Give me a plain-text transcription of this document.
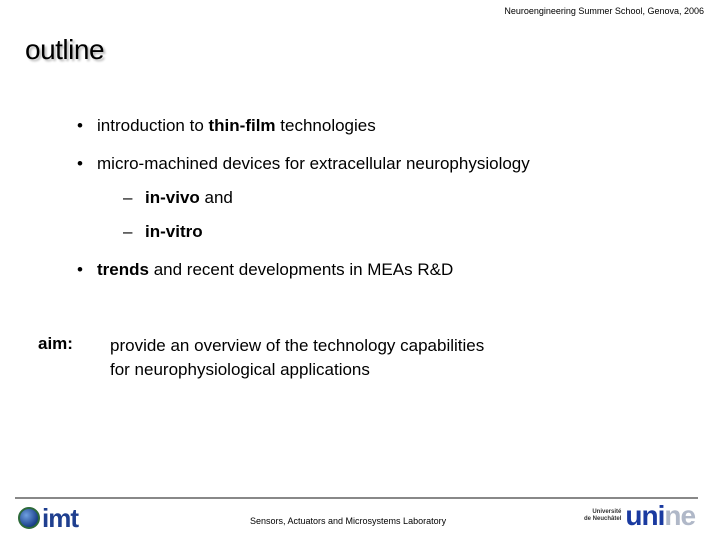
Neuroengineering Summer School, Genova, 2006
outline
• introduction to thin-film technologies
• micro-machined devices for extracellular neurophysiology
– in-vivo and
– in-vitro
• trends and recent developments in MEAs R&D
aim: provide an overview of the technology capabilities
for neurophysiological applications
imt	Sensors, Actuators and Microsystems Laboratory
Université
de Neuchâtel unine
